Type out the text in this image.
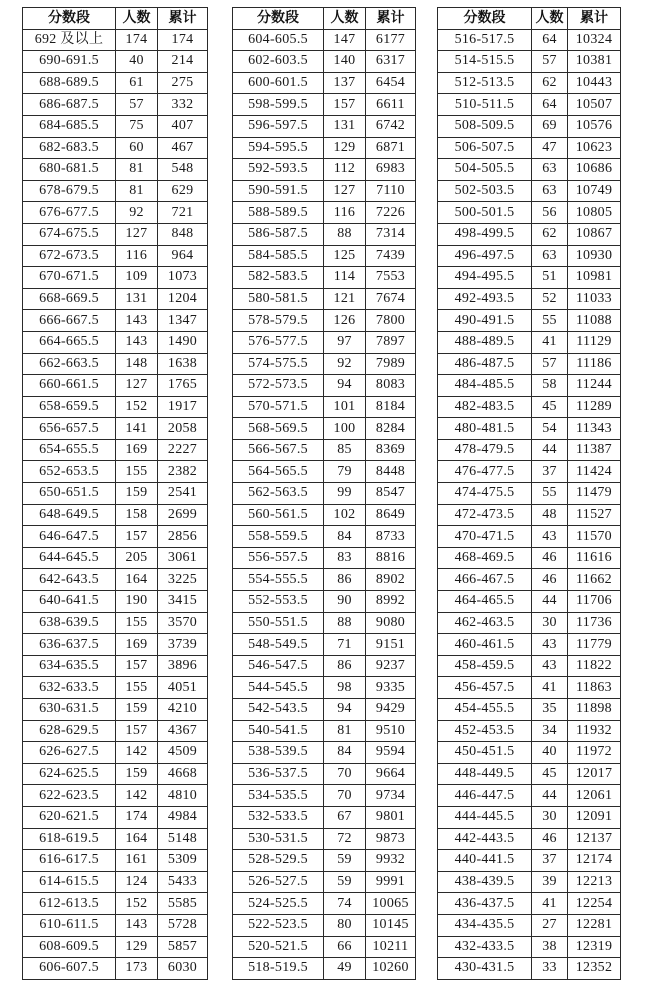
分数段	人数	累计
692 及以上	174	174
690-691.5	40	214
688-689.5	61	275
686-687.5	57	332
684-685.5	75	407
682-683.5	60	467
680-681.5	81	548
678-679.5	81	629
676-677.5	92	721
674-675.5	127	848
672-673.5	116	964
670-671.5	109	1073
668-669.5	131	1204
666-667.5	143	1347
664-665.5	143	1490
662-663.5	148	1638
660-661.5	127	1765
658-659.5	152	1917
656-657.5	141	2058
654-655.5	169	2227
652-653.5	155	2382
650-651.5	159	2541
648-649.5	158	2699
646-647.5	157	2856
644-645.5	205	3061
642-643.5	164	3225
640-641.5	190	3415
638-639.5	155	3570
636-637.5	169	3739
634-635.5	157	3896
632-633.5	155	4051
630-631.5	159	4210
628-629.5	157	4367
626-627.5	142	4509
624-625.5	159	4668
622-623.5	142	4810
620-621.5	174	4984
618-619.5	164	5148
616-617.5	161	5309
614-615.5	124	5433
612-613.5	152	5585
610-611.5	143	5728
608-609.5	129	5857
606-607.5	173	6030
分数段	人数	累计
604-605.5	147	6177
602-603.5	140	6317
600-601.5	137	6454
598-599.5	157	6611
596-597.5	131	6742
594-595.5	129	6871
592-593.5	112	6983
590-591.5	127	7110
588-589.5	116	7226
586-587.5	88	7314
584-585.5	125	7439
582-583.5	114	7553
580-581.5	121	7674
578-579.5	126	7800
576-577.5	97	7897
574-575.5	92	7989
572-573.5	94	8083
570-571.5	101	8184
568-569.5	100	8284
566-567.5	85	8369
564-565.5	79	8448
562-563.5	99	8547
560-561.5	102	8649
558-559.5	84	8733
556-557.5	83	8816
554-555.5	86	8902
552-553.5	90	8992
550-551.5	88	9080
548-549.5	71	9151
546-547.5	86	9237
544-545.5	98	9335
542-543.5	94	9429
540-541.5	81	9510
538-539.5	84	9594
536-537.5	70	9664
534-535.5	70	9734
532-533.5	67	9801
530-531.5	72	9873
528-529.5	59	9932
526-527.5	59	9991
524-525.5	74	10065
522-523.5	80	10145
520-521.5	66	10211
518-519.5	49	10260
分数段	人数	累计
516-517.5	64	10324
514-515.5	57	10381
512-513.5	62	10443
510-511.5	64	10507
508-509.5	69	10576
506-507.5	47	10623
504-505.5	63	10686
502-503.5	63	10749
500-501.5	56	10805
498-499.5	62	10867
496-497.5	63	10930
494-495.5	51	10981
492-493.5	52	11033
490-491.5	55	11088
488-489.5	41	11129
486-487.5	57	11186
484-485.5	58	11244
482-483.5	45	11289
480-481.5	54	11343
478-479.5	44	11387
476-477.5	37	11424
474-475.5	55	11479
472-473.5	48	11527
470-471.5	43	11570
468-469.5	46	11616
466-467.5	46	11662
464-465.5	44	11706
462-463.5	30	11736
460-461.5	43	11779
458-459.5	43	11822
456-457.5	41	11863
454-455.5	35	11898
452-453.5	34	11932
450-451.5	40	11972
448-449.5	45	12017
446-447.5	44	12061
444-445.5	30	12091
442-443.5	46	12137
440-441.5	37	12174
438-439.5	39	12213
436-437.5	41	12254
434-435.5	27	12281
432-433.5	38	12319
430-431.5	33	12352
